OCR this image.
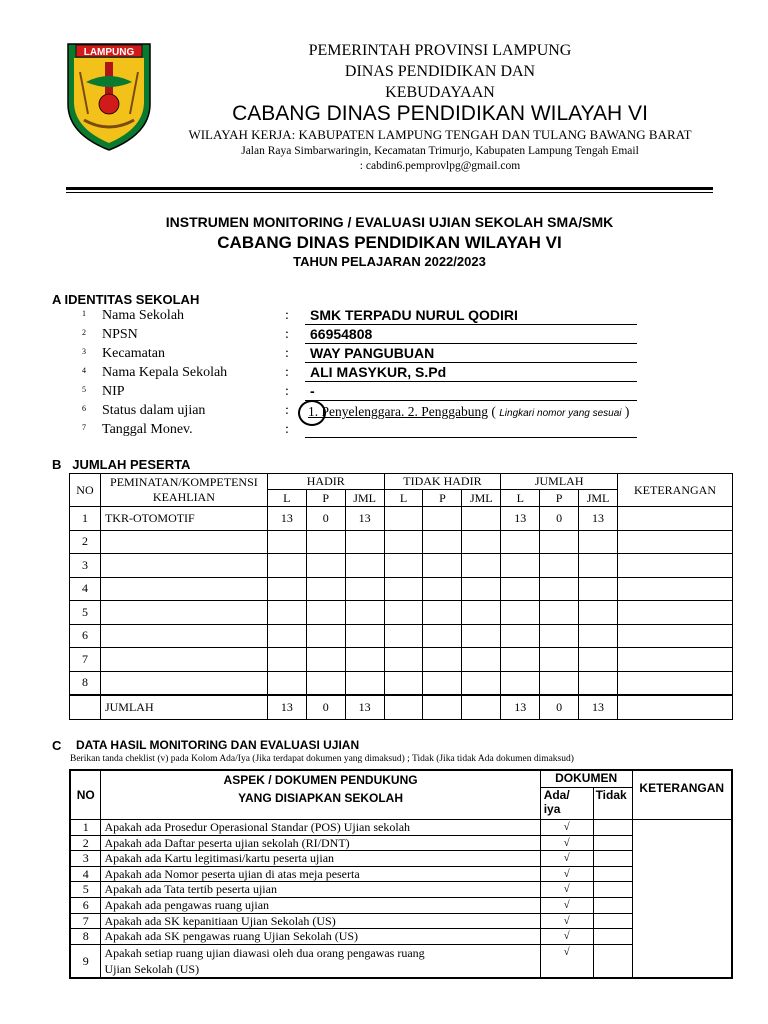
LAMPUNG	PEMERINTAH PROVINSI LAMPUNG
DINAS PENDIDIKAN DAN
KEBUDAYAAN
CABANG DINAS PENDIDIKAN WILAYAH VI
WILAYAH KERJA: KABUPATEN LAMPUNG TENGAH DAN TULANG BAWANG BARAT
Jalan Raya Simbarwaringin, Kecamatan Trimurjo, Kabupaten Lampung Tengah Email
: cabdin6.pemprovlpg@gmail.com
INSTRUMEN MONITORING / EVALUASI UJIAN SEKOLAH SMA/SMK
CABANG DINAS PENDIDIKAN WILAYAH VI
TAHUN PELAJARAN 2022/2023
A IDENTITAS SEKOLAH
1 Nama Sekolah	: SMK TERPADU NURUL QODIRI
2 NPSN	: 66954808
3 Kecamatan	: WAY PANGUBUAN
4 Nama Kepala Sekolah	: ALI MASYKUR, S.Pd
5 NIP	: -
6 Status dalam ujian	: 1. Penyelenggara. 2. Penggabung ( Lingkari nomor yang sesuai )
7 Tanggal Monev.	:
B JUMLAH PESERTA
NO	PEMINATAN/KOMPETENSI KEAHLIAN	HADIR			TIDAK HADIR			JUMLAH			KETERANGAN
		L	P	JML	L	P	JML	L	P	JML	
1	TKR-OTOMOTIF	13	0	13				13	0	13	
2											
3											
4											
5											
6											
7											
8											
	JUMLAH	13	0	13				13	0	13	
C DATA HASIL MONITORING DAN EVALUASI UJIAN
Berikan tanda cheklist (v) pada Kolom Ada/Iya (Jika terdapat dokumen yang dimaksud) ; Tidak (Jika tidak Ada dokumen dimaksud)
NO	ASPEK / DOKUMEN PENDUKUNG
YANG DISIAPKAN SEKOLAH	DOKUMEN		KETERANGAN

		Ada/
iya	Tidak	
1	Apakah ada Prosedur Operasional Standar (POS) Ujian sekolah	√		
2	Apakah ada Daftar peserta ujian sekolah (RI/DNT)	√		
3	Apakah ada Kartu legitimasi/kartu peserta ujian	√		
4	Apakah ada Nomor peserta ujian di atas meja peserta	√		
5	Apakah ada Tata tertib peserta ujian	√		
6	Apakah ada pengawas ruang ujian	√		
7	Apakah ada SK kepanitiaan Ujian Sekolah (US)	√		
8	Apakah ada SK pengawas ruang Ujian Sekolah (US)	√		
9	Apakah setiap ruang ujian diawasi oleh dua orang pengawas ruang
Ujian Sekolah (US)	√		
